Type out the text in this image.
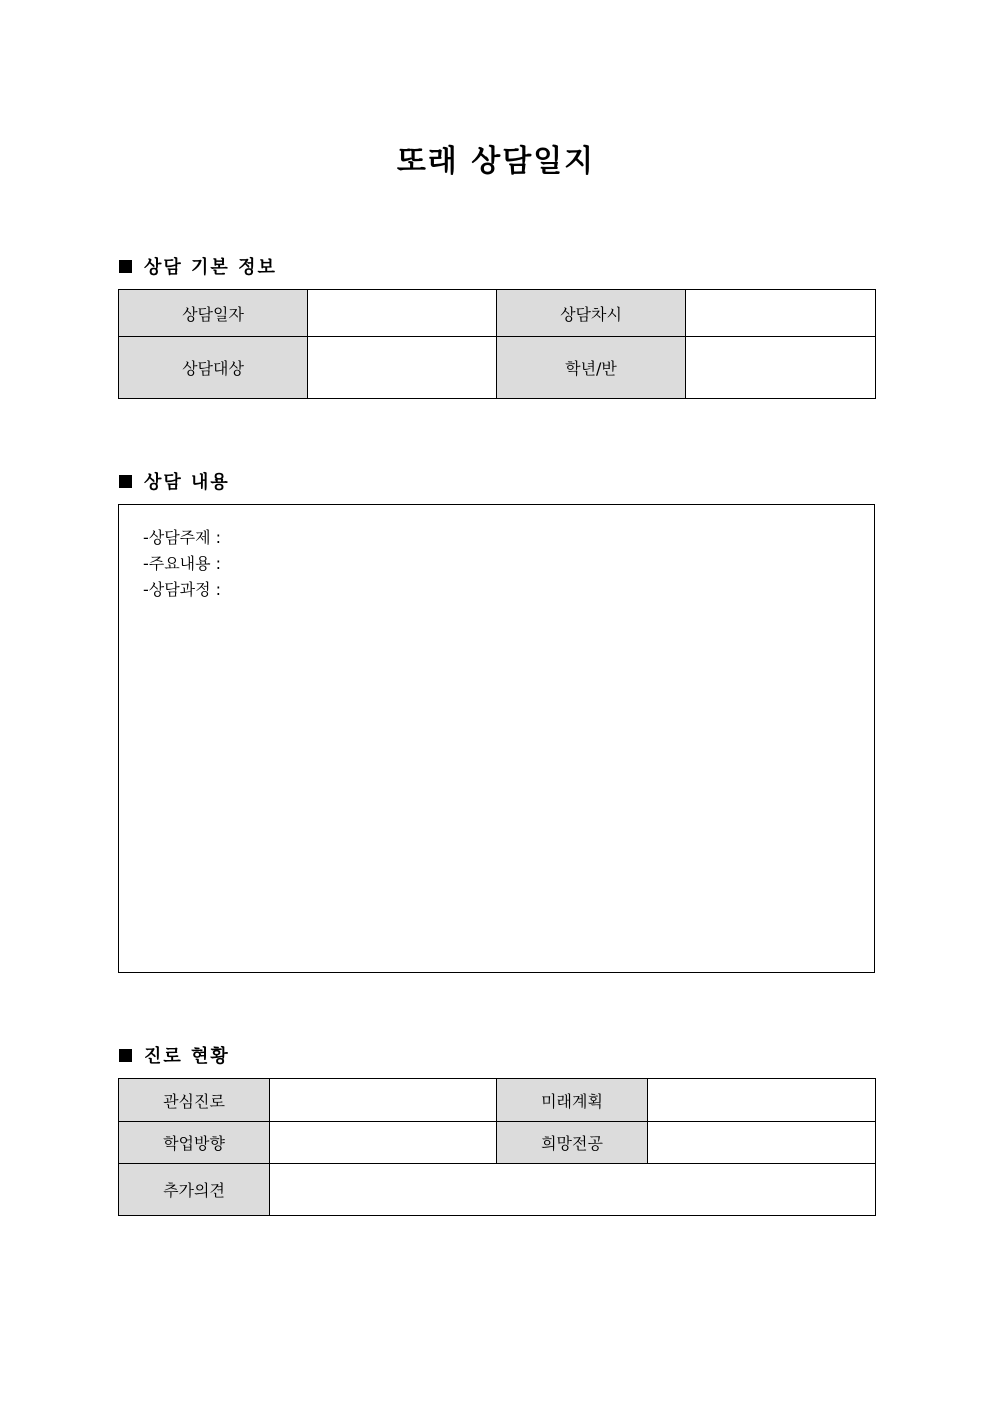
또래 상담일지
상담 기본 정보
상담일자		상담차시	
상담대상		학년/반	
상담 내용
-상담주제 :
-주요내용 :
-상담과정 :
진로 현황
관심진로		미래계획	
학업방향		희망전공	
추가의견			
